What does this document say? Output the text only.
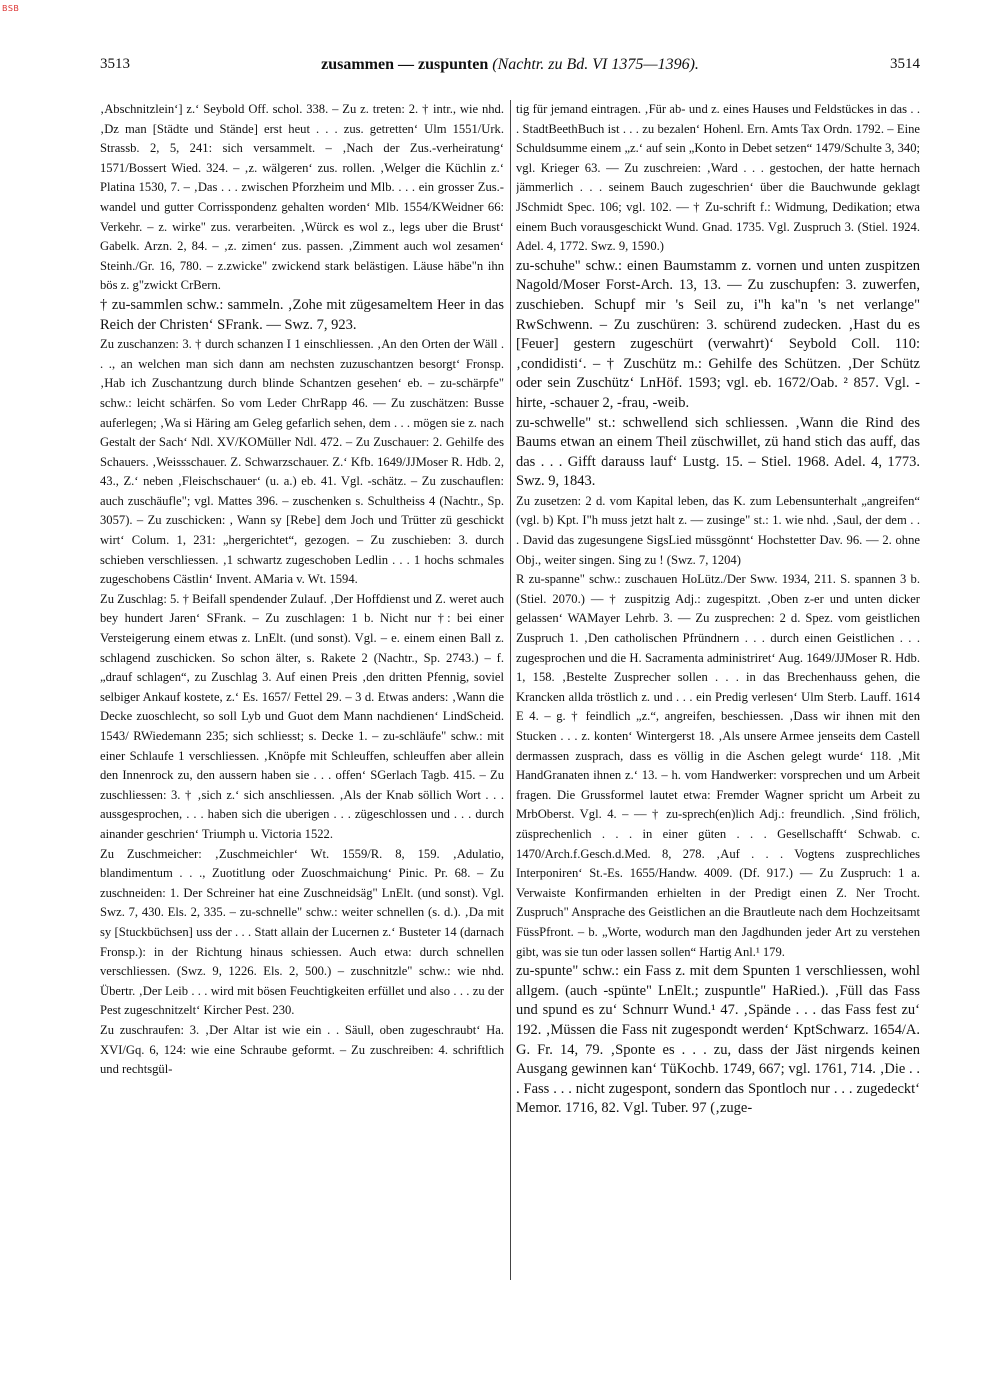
BSB
3513	zusammen — zuspunten (Nachtr. zu Bd. VI 1375—1396).	3514

‚Abschnitzlein‘] z.‘ Seybold Off. schol. 338. – Zu z. treten: 2. † intr., wie nhd. ‚Dz man [Städte und Stände] erst heut . . . zus. getretten‘ Ulm 1551/Urk. Strassb. 2, 5, 241: sich versammelt. – ‚Nach der Zus.-verheiratung‘ 1571/Bossert Wied. 324. – ‚z. wälgeren‘ zus. rollen. ‚Welger die Küchlin z.‘ Platina 1530, 7. – ‚Das . . . zwischen Pforzheim und Mlb. . . . ein grosser Zus.-wandel und gutter Corrisspondenz gehalten worden‘ Mlb. 1554/KWeidner 66: Verkehr. – z. wirke" zus. verarbeiten. ‚Würck es wol z., legs uber die Brust‘ Gabelk. Arzn. 2, 84. – ‚z. zimen‘ zus. passen. ‚Zimment auch wol zesamen‘ Steinh./Gr. 16, 780. – z.zwicke" zwickend stark belästigen. Läuse häbe"n ihn bös z. g"zwickt CrBern.

† zu-sammlen schw.: sammeln. ‚Zohe mit zügesameltem Heer in das Reich der Christen‘ SFrank. — Swz. 7, 923.

Zu zuschanzen: 3. † durch schanzen I 1 einschliessen. ‚An den Orten der Wäll . . ., an welchen man sich dann am nechsten zuzuschantzen besorgt‘ Fronsp. ‚Hab ich Zuschantzung durch blinde Schantzen gesehen‘ eb. – zu-schärpfe" schw.: leicht schärfen. So vom Leder ChrRapp 46. — Zu zuschätzen: Busse auferlegen; ‚Wa si Häring am Geleg gefarlich sehen, dem . . . mögen sie z. nach Gestalt der Sach‘ Ndl. XV/KOMüller Ndl. 472. – Zu Zuschauer: 2. Gehilfe des Schauers. ‚Weissschauer. Z. Schwarzschauer. Z.‘ Kfb. 1649/JJMoser R. Hdb. 2, 43., Z.‘ neben ‚Fleischschauer‘ (u. a.) eb. 41. Vgl. -schätz. – Zu zuschauflen: auch zuschäufle"; vgl. Mattes 396. – zuschenken s. Schultheiss 4 (Nachtr., Sp. 3057). – Zu zuschicken: , Wann sy [Rebe] dem Joch und Trütter zü geschickt wirt‘ Colum. 1, 231: „hergerichtet“, gezogen. – Zu zuschieben: 3. durch schieben verschliessen. ‚1 schwartz zugeschoben Ledlin . . . 1 hochs schmales zugeschobens Cästlin‘ Invent. AMaria v. Wt. 1594.

Zu Zuschlag: 5. † Beifall spendender Zulauf. ‚Der Hoffdienst und Z. weret auch bey hundert Jaren‘ SFrank. – Zu zuschlagen: 1 b. Nicht nur †: bei einer Versteigerung einem etwas z. LnElt. (und sonst). Vgl. – e. einem einen Ball z. schlagend zuschicken. So schon älter, s. Rakete 2 (Nachtr., Sp. 2743.) – f. „drauf schlagen“, zu Zuschlag 3. Auf einen Preis ‚den dritten Pfennig, soviel selbiger Ankauf kostete, z.‘ Es. 1657/ Fettel 29. – 3 d. Etwas anders: ‚Wann die Decke zuoschlecht, so soll Lyb und Guot dem Mann nachdienen‘ LindScheid. 1543/ RWiedemann 235; sich schliesst; s. Decke 1. – zu-schläufe" schw.: mit einer Schlaufe 1 verschliessen. ‚Knöpfe mit Schleuffen, schleuffen aber allein den Innenrock zu, den aussern haben sie . . . offen‘ SGerlach Tagb. 415. – Zu zuschliessen: 3. † ‚sich z.‘ sich anschliessen. ‚Als der Knab söllich Wort . . . aussgesprochen, . . . haben sich die uberigen . . . zügeschlossen und . . . durch ainander geschrien‘ Triumph u. Victoria 1522.

Zu Zuschmeicher: ‚Zuschmeichler‘ Wt. 1559/R. 8, 159. ‚Adulatio, blandimentum . . ., Zuotitlung oder Zuoschmaichung‘ Pinic. Pr. 68. – Zu zuschneiden: 1. Der Schreiner hat eine Zuschneidsäg" LnElt. (und sonst). Vgl. Swz. 7, 430. Els. 2, 335. – zu-schnelle" schw.: weiter schnellen (s. d.). ‚Da mit sy [Stuckbüchsen] uss der . . . Statt allain der Lucernen z.‘ Busteter 14 (darnach Fronsp.): in der Richtung hinaus schiessen. Auch etwa: durch schnellen verschliessen. (Swz. 9, 1226. Els. 2, 500.) – zuschnitzle" schw.: wie nhd. Übertr. ‚Der Leib . . . wird mit bösen Feuchtigkeiten erfüllet und also . . . zu der Pest zugeschnitzelt‘ Kircher Pest. 230.

Zu zuschraufen: 3. ‚Der Altar ist wie ein . . Säull, oben zugeschraubt‘ Ha. XVI/Gq. 6, 124: wie eine Schraube geformt. – Zu zuschreiben: 4. schriftlich und rechtsgül-

tig für jemand eintragen. ‚Für ab- und z. eines Hauses und Feldstückes in das . . . StadtBeethBuch ist . . . zu bezalen‘ Hohenl. Ern. Amts Tax Ordn. 1792. – Eine Schuldsumme einem „z.‘ auf sein „Konto in Debet setzen“ 1479/Schulte 3, 340; vgl. Krieger 63. — Zu zuschreien: ‚Ward . . . gestochen, der hatte hernach jämmerlich . . . seinem Bauch zugeschrien‘ über die Bauchwunde geklagt JSchmidt Spec. 106; vgl. 102. — † Zu-schrift f.: Widmung, Dedikation; etwa einem Buch vorausgeschickt Wund. Gnad. 1735. Vgl. Zuspruch 3. (Stiel. 1924. Adel. 4, 1772. Swz. 9, 1590.)

zu-schuhe" schw.: einen Baumstamm z. vornen und unten zuspitzen Nagold/Moser Forst-Arch. 13, 13. — Zu zuschupfen: 3. zuwerfen, zuschieben. Schupf mir 's Seil zu, i"h ka"n 's net verlange" RwSchwenn. – Zu zuschüren: 3. schürend zudecken. ‚Hast du es [Feuer] gestern zugeschürt (verwahrt)‘ Seybold Coll. 110: ‚condidisti‘. – † Zuschütz m.: Gehilfe des Schützen. ‚Der Schütz oder sein Zuschütz‘ LnHöf. 1593; vgl. eb. 1672/Oab. ² 857. Vgl. -hirte, -schauer 2, -frau, -weib.

zu-schwelle" st.: schwellend sich schliessen. ‚Wann die Rind des Baums etwan an einem Theil züschwillet, zü hand stich das auff, das das . . . Gifft darauss lauf‘ Lustg. 15. – Stiel. 1968. Adel. 4, 1773. Swz. 9, 1843.

Zu zusetzen: 2 d. vom Kapital leben, das K. zum Lebensunterhalt „angreifen“ (vgl. b) Kpt. I"h muss jetzt halt z. — zusinge" st.: 1. wie nhd. ‚Saul, der dem . . . David das zugesungene SigsLied müssgönnt‘ Hochstetter Dav. 96. — 2. ohne Obj., weiter singen. Sing zu ! (Swz. 7, 1204)

R zu-spanne" schw.: zuschauen HoLütz./Der Sww. 1934, 211. S. spannen 3 b. (Stiel. 2070.) — † zuspitzig Adj.: zugespitzt. ‚Oben z-er und unten dicker gelassen‘ WAMayer Lehrb. 3. — Zu zusprechen: 2 d. Spez. vom geistlichen Zuspruch 1. ‚Den catholischen Pfründnern . . . durch einen Geistlichen . . . zugesprochen und die H. Sacramenta administriret‘ Aug. 1649/JJMoser R. Hdb. 1, 158. ‚Bestelte Zusprecher sollen . . . in das Brechenhauss gehen, die Krancken allda tröstlich z. und . . . ein Predig verlesen‘ Ulm Sterb. Lauff. 1614 E 4. – g. † feindlich „z.“, angreifen, beschiessen. ‚Dass wir ihnen mit den Stucken . . . z. konten‘ Wintergerst 18. ‚Als unsere Armee jenseits dem Castell dermassen zusprach, dass es völlig in die Aschen gelegt wurde‘ 118. ‚Mit HandGranaten ihnen z.‘ 13. – h. vom Handwerker: vorsprechen und um Arbeit fragen. Die Grussformel lautet etwa: Fremder Wagner spricht um Arbeit zu MrbOberst. Vgl. 4. – — † zu-sprech(en)lich Adj.: freundlich. ‚Sind frölich, züsprechenlich . . . in einer güten . . . Gesellschafft‘ Schwab. c. 1470/Arch.f.Gesch.d.Med. 8, 278. ‚Auf . . . Vogtens zusprechliches Interponiren‘ St.-Es. 1655/Handw. 4009. (Df. 917.) — Zu Zuspruch: 1 a. Verwaiste Konfirmanden erhielten in der Predigt einen Z. Ner Trocht. Zuspruch" Ansprache des Geistlichen an die Brautleute nach dem Hochzeitsamt FüssPfront. – b. „Worte, wodurch man den Jagdhunden jeder Art zu verstehen gibt, was sie tun oder lassen sollen“ Hartig Anl.¹ 179.

zu-spunte" schw.: ein Fass z. mit dem Spunten 1 verschliessen, wohl allgem. (auch -spünte" LnElt.; zuspuntle" HaRied.). ‚Füll das Fass und spund es zu‘ Schnurr Wund.¹ 47. ‚Spände . . . das Fass fest zu‘ 192. ‚Müssen die Fass nit zugespondt werden‘ KptSchwarz. 1654/A. G. Fr. 14, 79. ‚Sponte es . . . zu, dass der Jäst nirgends keinen Ausgang gewinnen kan‘ TüKochb. 1749, 667; vgl. 1761, 714. ‚Die . . . Fass . . . nicht zugespont, sondern das Spontloch nur . . . zugedeckt‘ Memor. 1716, 82. Vgl. Tuber. 97 (‚zuge-
